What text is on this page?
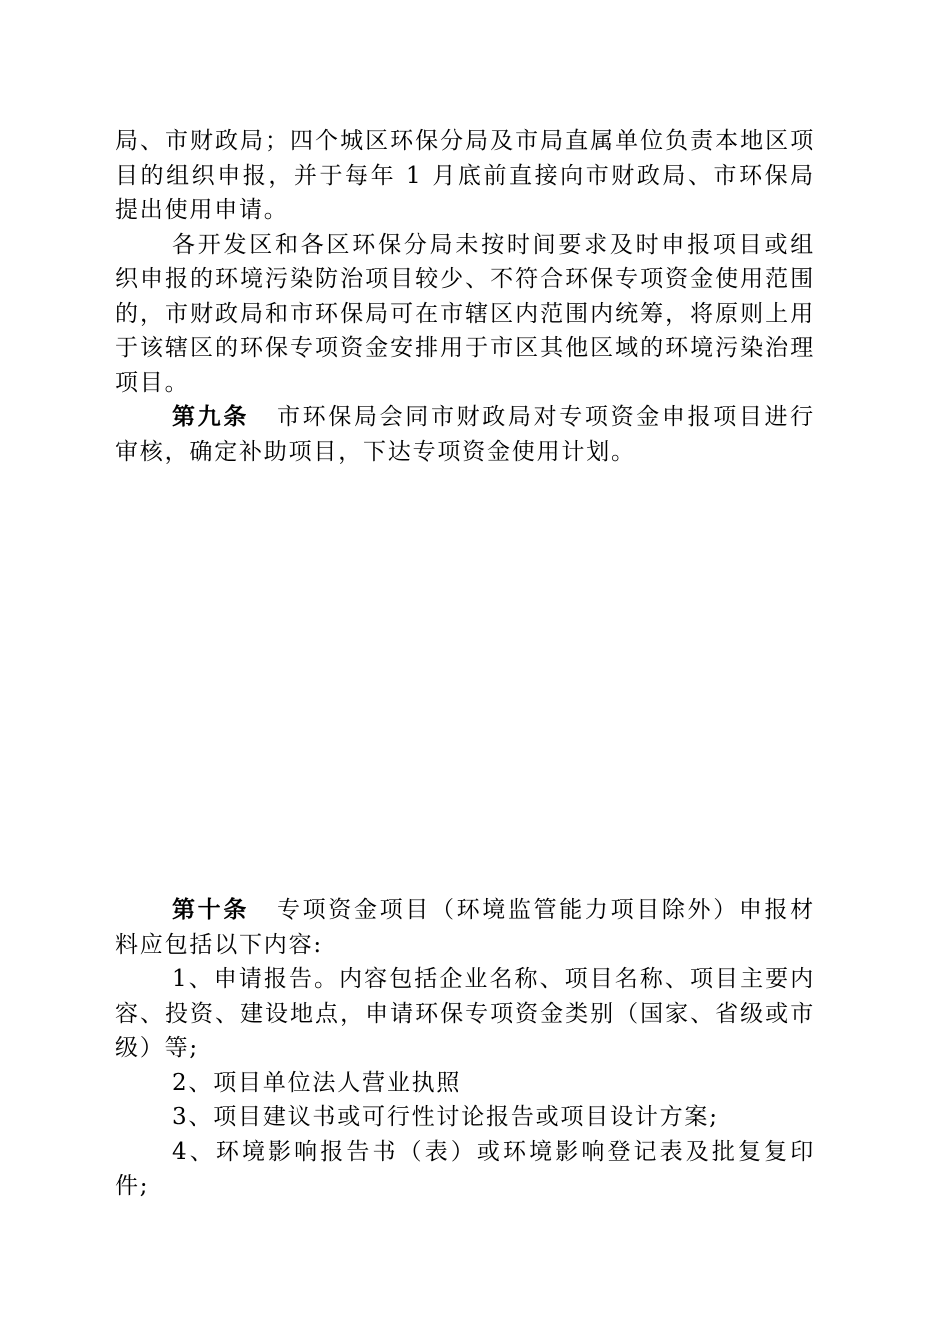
局、市财政局；四个城区环保分局及市局直属单位负责本地区项目的组织申报，并于每年 1 月底前直接向市财政局、市环保局提出使用申请。

各开发区和各区环保分局未按时间要求及时申报项目或组织申报的环境污染防治项目较少、不符合环保专项资金使用范围的，市财政局和市环保局可在市辖区内范围内统筹，将原则上用于该辖区的环保专项资金安排用于市区其他区域的环境污染治理项目。

第九条 市环保局会同市财政局对专项资金申报项目进行审核，确定补助项目，下达专项资金使用计划。

第十条 专项资金项目（环境监管能力项目除外）申报材料应包括以下内容:

1、申请报告。内容包括企业名称、项目名称、项目主要内容、投资、建设地点，申请环保专项资金类别（国家、省级或市级）等;

2、项目单位法人营业执照

3、项目建议书或可行性讨论报告或项目设计方案;

4、环境影响报告书（表）或环境影响登记表及批复复印件;
